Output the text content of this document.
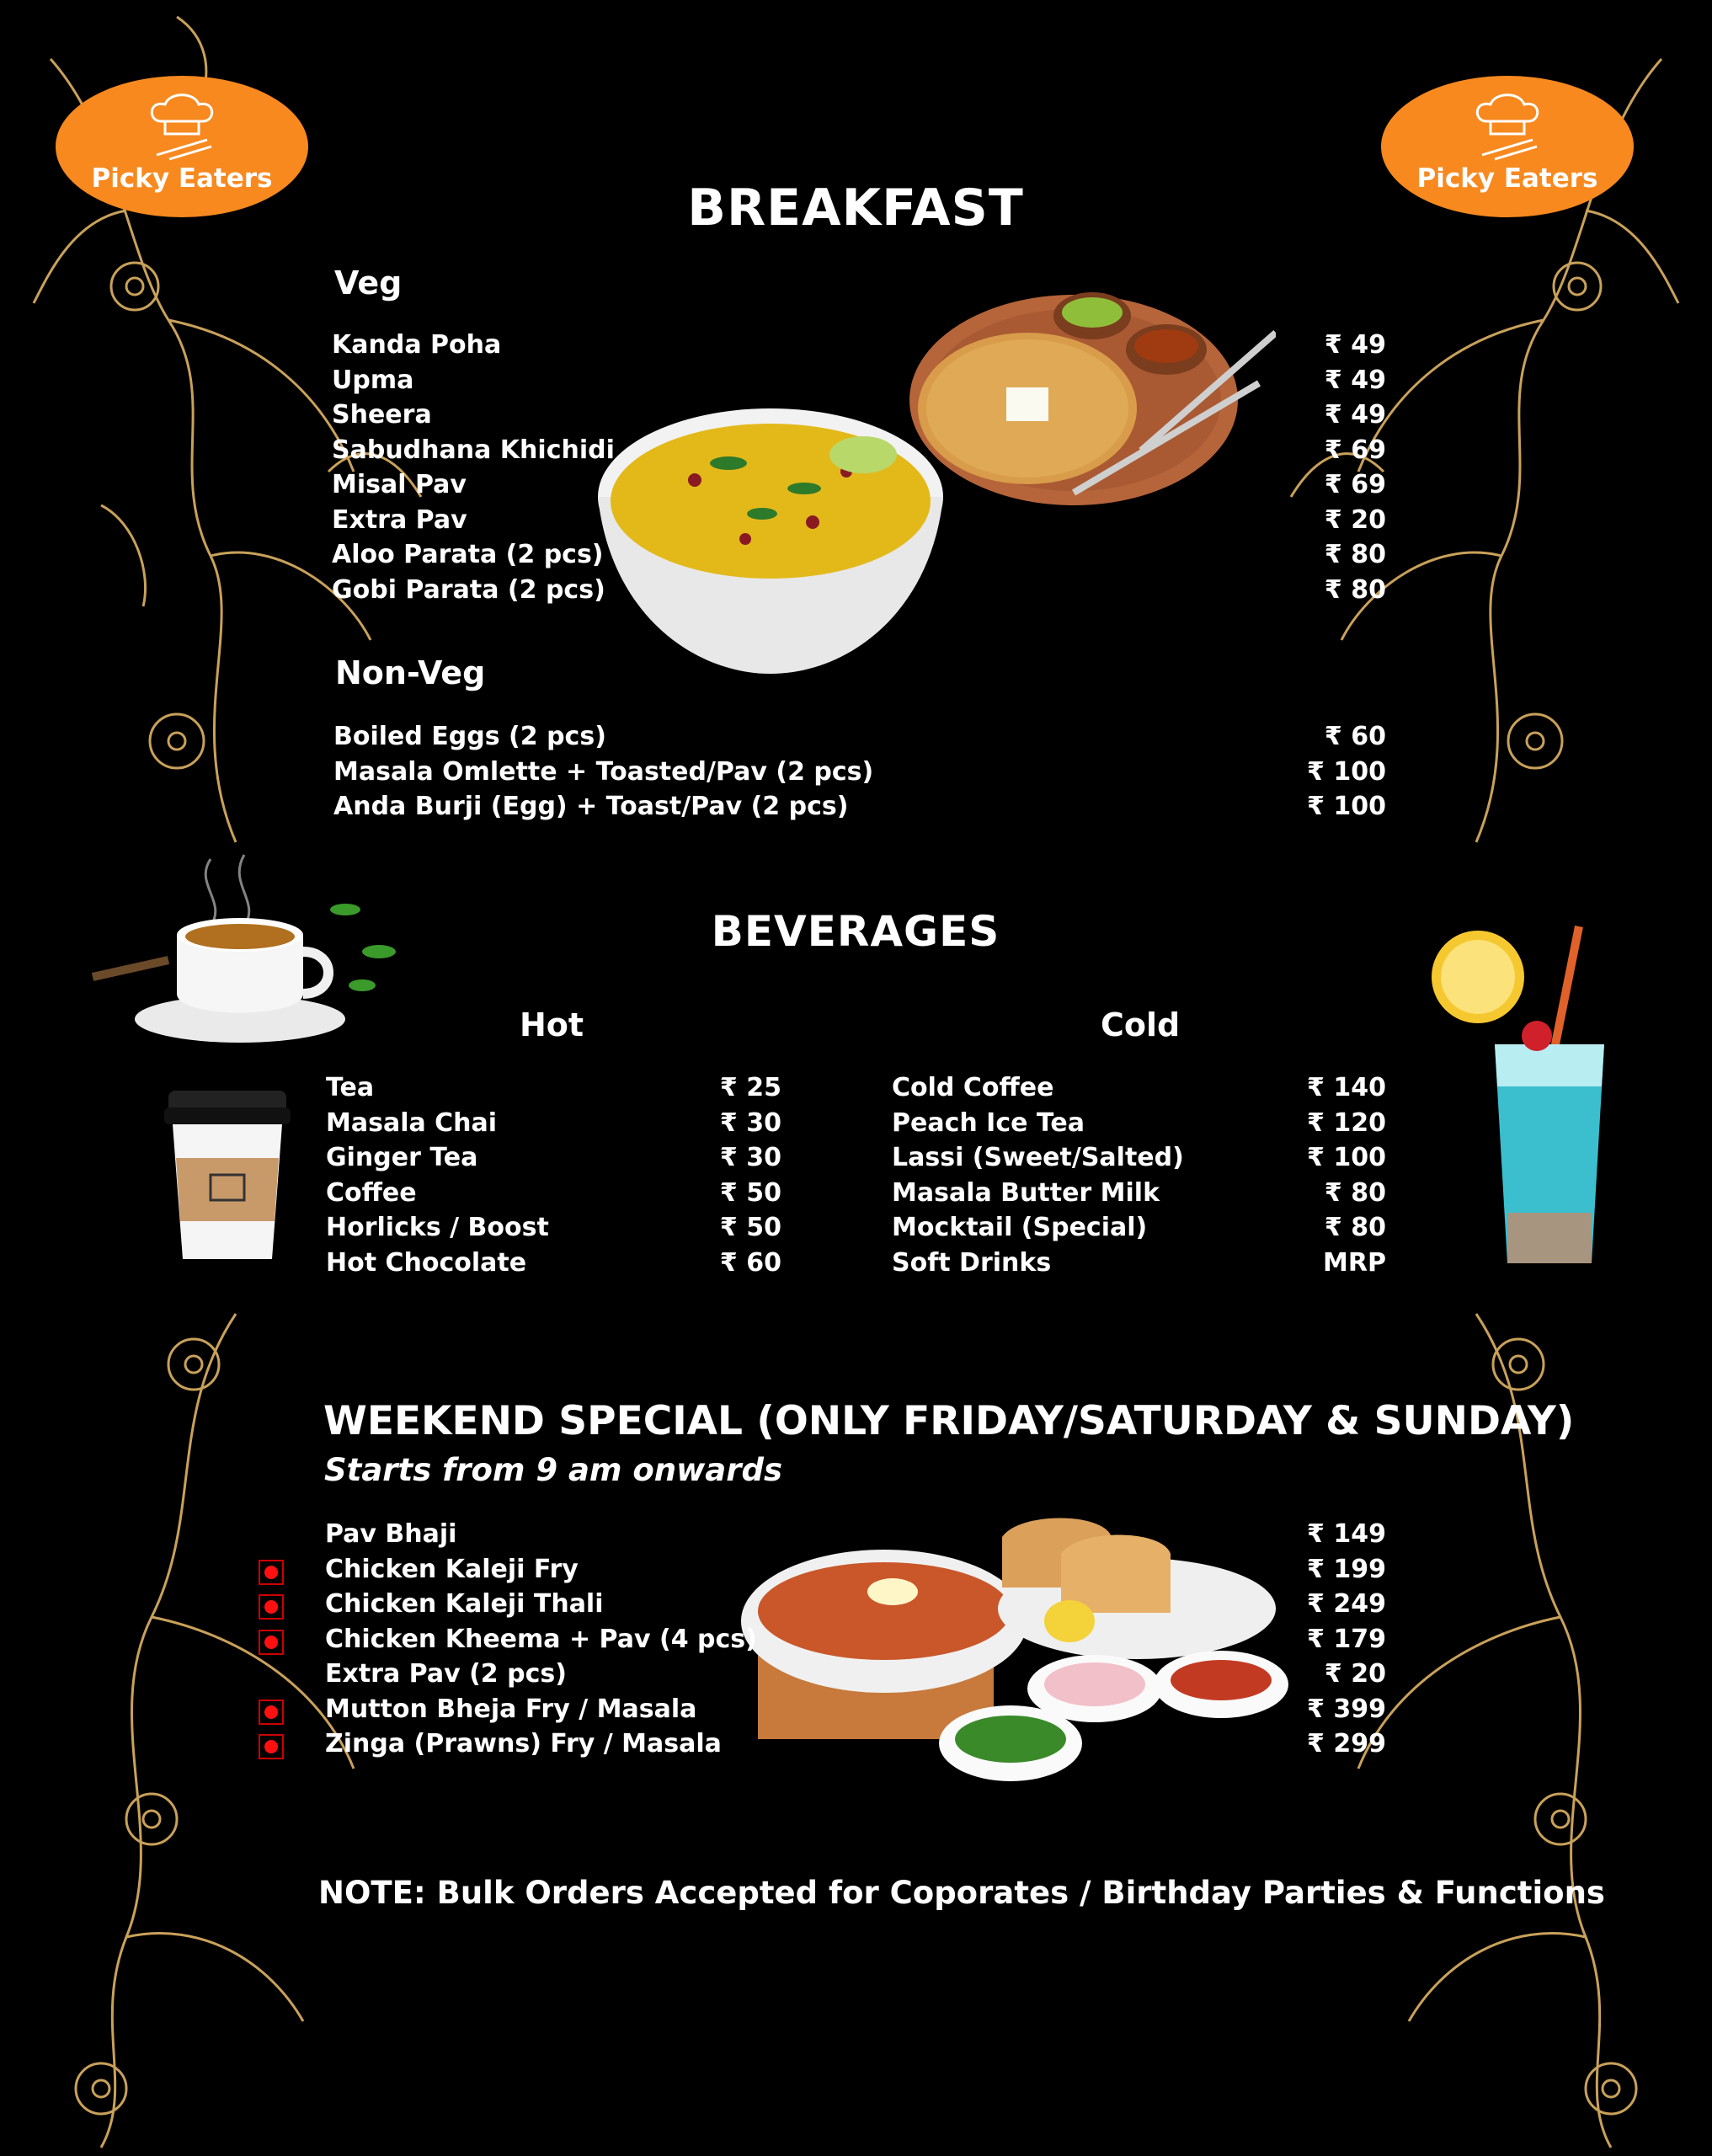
Picky Eaters	Picky Eaters
BREAKFAST
Veg
Kanda Poha	₹ 49
Upma	₹ 49
Sheera	₹ 49
Sabudhana Khichidi	₹ 69
Misal Pav	₹ 69
Extra Pav	₹ 20
Aloo Parata (2 pcs)	₹ 80
Gobi Parata (2 pcs)	₹ 80
Non-Veg
Boiled Eggs (2 pcs)	₹ 60
Masala Omlette + Toasted/Pav (2 pcs)	₹ 100
Anda Burji (Egg) + Toast/Pav (2 pcs)	₹ 100
BEVERAGES
Hot	Cold
Tea	₹ 25
Masala Chai	₹ 30
Ginger Tea	₹ 30
Coffee	₹ 50
Horlicks / Boost	₹ 50
Hot Chocolate	₹ 60
Cold Coffee	₹ 140
Peach Ice Tea	₹ 120
Lassi (Sweet/Salted)	₹ 100
Masala Butter Milk	₹ 80
Mocktail (Special)	₹ 80
Soft Drinks	MRP
WEEKEND SPECIAL (ONLY FRIDAY/SATURDAY & SUNDAY)
Starts from 9 am onwards
Pav Bhaji	₹ 149
Chicken Kaleji Fry	₹ 199
Chicken Kaleji Thali	₹ 249
Chicken Kheema + Pav (4 pcs)	₹ 179
Extra Pav (2 pcs)	₹ 20
Mutton Bheja Fry / Masala	₹ 399
Zinga (Prawns) Fry / Masala	₹ 299
NOTE: Bulk Orders Accepted for Coporates / Birthday Parties & Functions
